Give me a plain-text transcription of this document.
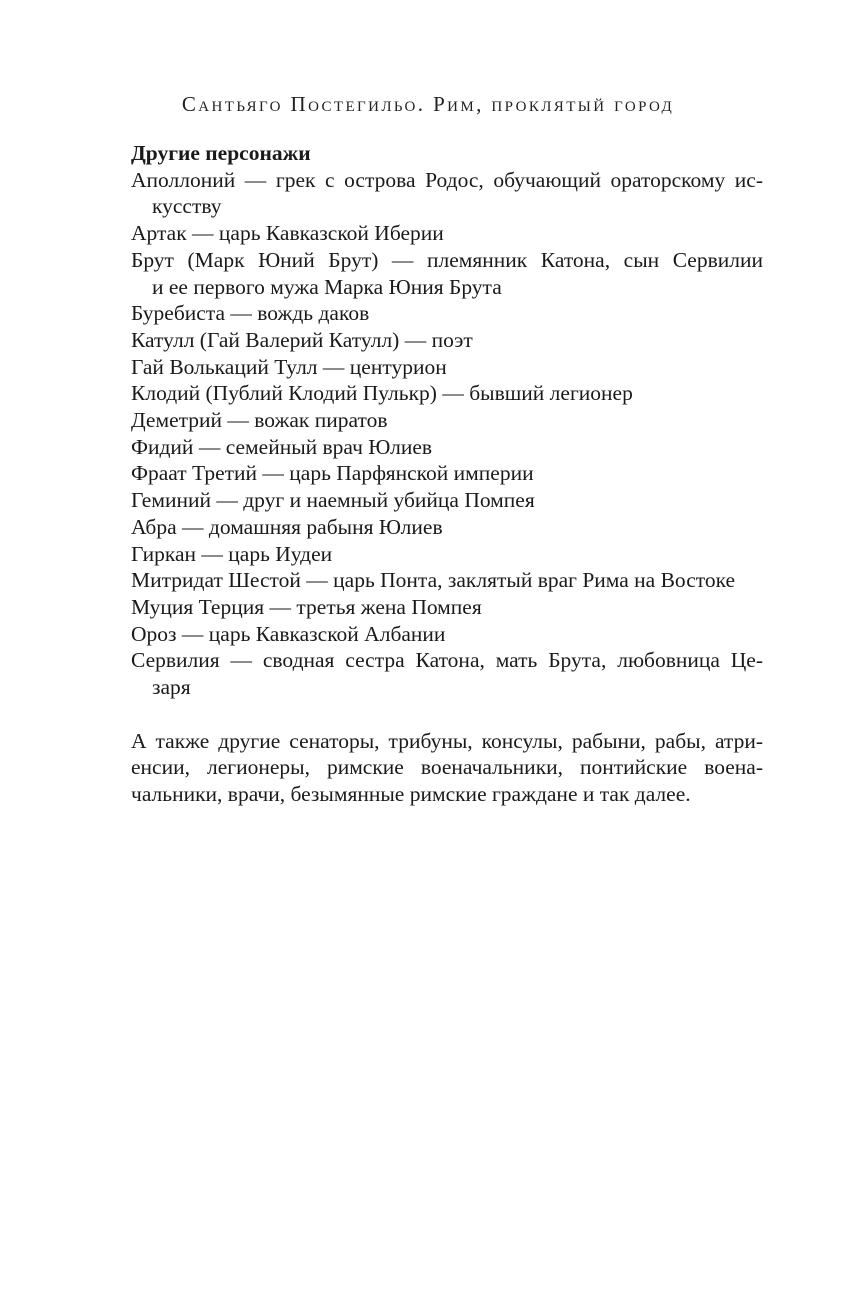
Сантьяго Постегильо. Рим, проклятый город

Другие персонажи

Аполлоний — грек с острова Родос, обучающий ораторскому ис-
кусству

Артак — царь Кавказской Иберии

Брут (Марк Юний Брут) — племянник Катона, сын Сервилии
и ее первого мужа Марка Юния Брута

Буребиста — вождь даков

Катулл (Гай Валерий Катулл) — поэт

Гай Волькаций Тулл — центурион

Клодий (Публий Клодий Пулькр) — бывший легионер

Деметрий — вожак пиратов

Фидий — семейный врач Юлиев

Фраат Третий — царь Парфянской империи

Геминий — друг и наемный убийца Помпея

Абра — домашняя рабыня Юлиев

Гиркан — царь Иудеи

Митридат Шестой — царь Понта, заклятый враг Рима на Востоке

Муция Терция — третья жена Помпея

Ороз — царь Кавказской Албании

Сервилия — сводная сестра Катона, мать Брута, любовница Це-
заря

А также другие сенаторы, трибуны, консулы, рабыни, рабы, атри-
енсии, легионеры, римские военачальники, понтийские военa-
чальники, врачи, безымянные римские граждане и так далее.
